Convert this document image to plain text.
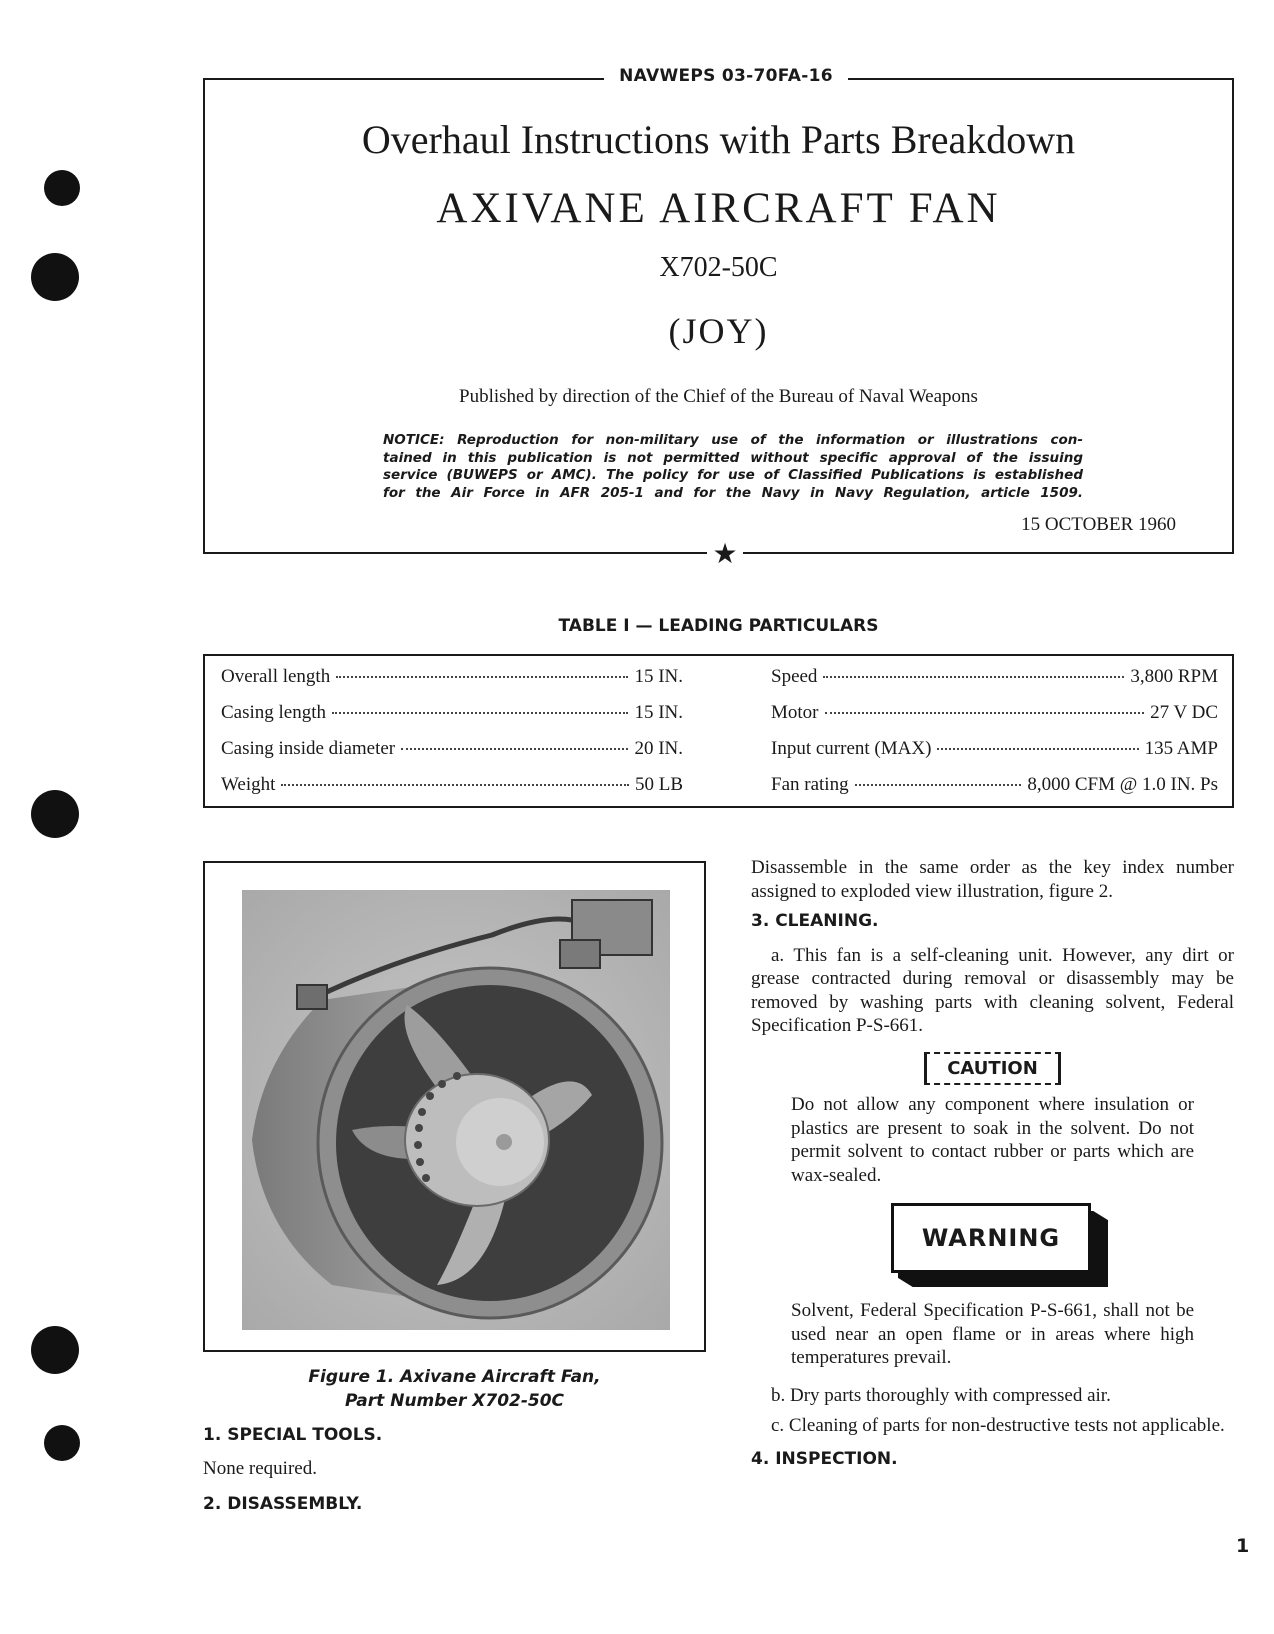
Overhaul Instructions with Parts Breakdown
AXIVANE AIRCRAFT FAN
X702-50C
(JOY)
Published by direction of the Chief of the Bureau of Naval Weapons
NOTICE: Reproduction for non-military use of the information or illustrations con-
tained in this publication is not permitted without specific approval of the issuing
service (BUWEPS or AMC). The policy for use of Classified Publications is established
for the Air Force in AFR 205-1 and for the Navy in Navy Regulation, article 1509.
15 OCTOBER 1960
NAVWEPS 03-70FA-16
★
TABLE I — LEADING PARTICULARS
Overall length	15 IN.
Casing length	15 IN.
Casing inside diameter	20 IN.
Weight	50 LB
Speed	3,800 RPM
Motor	27 V DC
Input current (MAX)	135 AMP
Fan rating	8,000 CFM @ 1.0 IN. Ps
Figure 1. Axivane Aircraft Fan,
Part Number X702-50C
1. SPECIAL TOOLS.
None required.
2. DISASSEMBLY.

Disassemble in the same order as the key index number assigned to exploded view illustration, figure 2.

3. CLEANING.

a. This fan is a self-cleaning unit. However, any dirt or grease contracted during removal or disassembly may be removed by washing parts with cleaning solvent, Federal Specification P-S-661.

CAUTION

Do not allow any component where insulation or plastics are present to soak in the solvent. Do not permit solvent to contact rubber or parts which are wax-sealed.

WARNING

Solvent, Federal Specification P-S-661, shall not be used near an open flame or in areas where high temperatures prevail.

b. Dry parts thoroughly with compressed air.

c. Cleaning of parts for non-destructive tests not applicable.

4. INSPECTION.
1
